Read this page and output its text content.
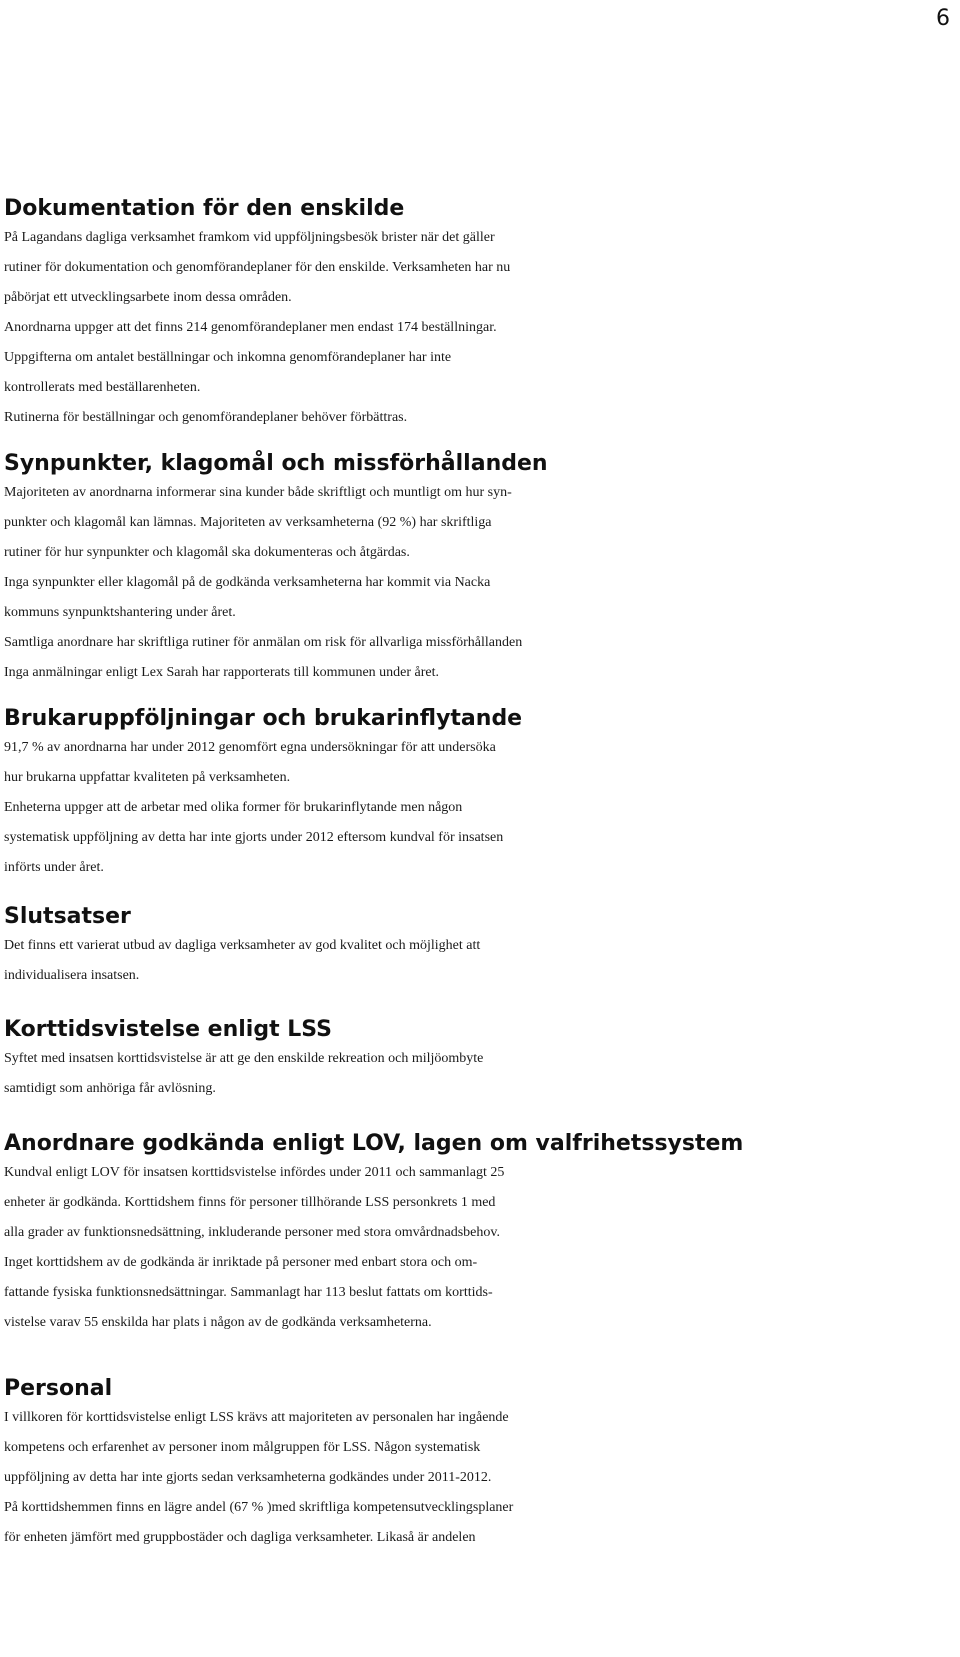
6
Dokumentation för den enskilde
På Lagandans dagliga verksamhet framkom vid uppföljningsbesök brister när det gäller
rutiner för dokumentation och genomförandeplaner för den enskilde. Verksamheten har nu
påbörjat ett utvecklingsarbete inom dessa områden.
Anordnarna uppger att det finns 214 genomförandeplaner men endast 174 beställningar.
Uppgifterna om antalet beställningar och inkomna genomförandeplaner har inte
kontrollerats med beställarenheten.
Rutinerna för beställningar och genomförandeplaner behöver förbättras.
Synpunkter, klagomål och missförhållanden
Majoriteten av anordnarna informerar sina kunder både skriftligt och muntligt om hur syn-
punkter och klagomål kan lämnas. Majoriteten av verksamheterna (92 %) har skriftliga
rutiner för hur synpunkter och klagomål ska dokumenteras och åtgärdas.
Inga synpunkter eller klagomål på de godkända verksamheterna har kommit via Nacka
kommuns synpunktshantering under året.
Samtliga anordnare har skriftliga rutiner för anmälan om risk för allvarliga missförhållanden
Inga anmälningar enligt Lex Sarah har rapporterats till kommunen under året.
Brukaruppföljningar och brukarinflytande
91,7 % av anordnarna har under 2012 genomfört egna undersökningar för att undersöka
hur brukarna uppfattar kvaliteten på verksamheten.
Enheterna uppger att de arbetar med olika former för brukarinflytande men någon
systematisk uppföljning av detta har inte gjorts under 2012 eftersom kundval för insatsen
införts under året.
Slutsatser
Det finns ett varierat utbud av dagliga verksamheter av god kvalitet och möjlighet att
individualisera insatsen.
Korttidsvistelse enligt LSS
Syftet med insatsen korttidsvistelse är att ge den enskilde rekreation och miljöombyte
samtidigt som anhöriga får avlösning.
Anordnare godkända enligt LOV, lagen om valfrihetssystem
Kundval enligt LOV för insatsen korttidsvistelse infördes under 2011 och sammanlagt 25
enheter är godkända. Korttidshem finns för personer tillhörande LSS personkrets 1 med
alla grader av funktionsnedsättning, inkluderande personer med stora omvårdnadsbehov.
Inget korttidshem av de godkända är inriktade på personer med enbart stora och om-
fattande fysiska funktionsnedsättningar. Sammanlagt har 113 beslut fattats om korttids-
vistelse varav 55 enskilda har plats i någon av de godkända verksamheterna.
Personal
I villkoren för korttidsvistelse enligt LSS krävs att majoriteten av personalen har ingående
kompetens och erfarenhet av personer inom målgruppen för LSS. Någon systematisk
uppföljning av detta har inte gjorts sedan verksamheterna godkändes under 2011-2012.
På korttidshemmen finns en lägre andel (67 % )med skriftliga kompetensutvecklingsplaner
för enheten jämfört med gruppbostäder och dagliga verksamheter. Likaså är andelen
